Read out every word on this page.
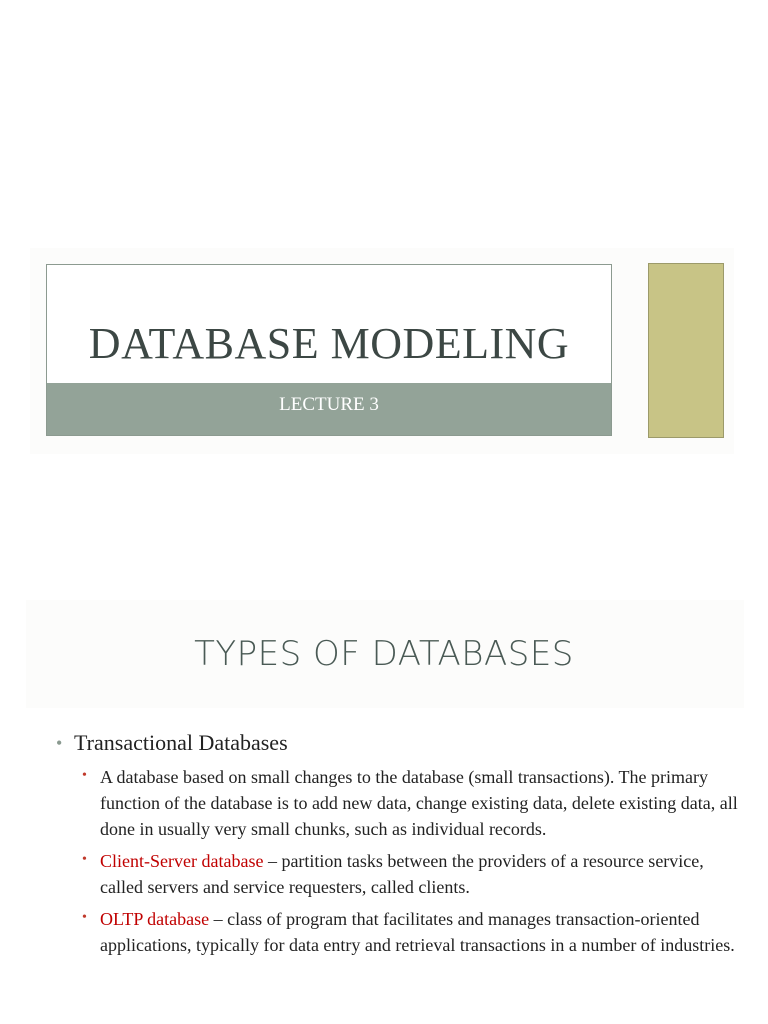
DATABASE MODELING
LECTURE 3
TYPES OF DATABASES
• Transactional Databases
• A database based on small changes to the database (small transactions). The primary function of the database is to add new data, change existing data, delete existing data, all done in usually very small chunks, such as individual records.
• Client-Server database – partition tasks between the providers of a resource service, called servers and service requesters, called clients.
• OLTP database – class of program that facilitates and manages transaction-oriented applications, typically for data entry and retrieval transactions in a number of industries.
